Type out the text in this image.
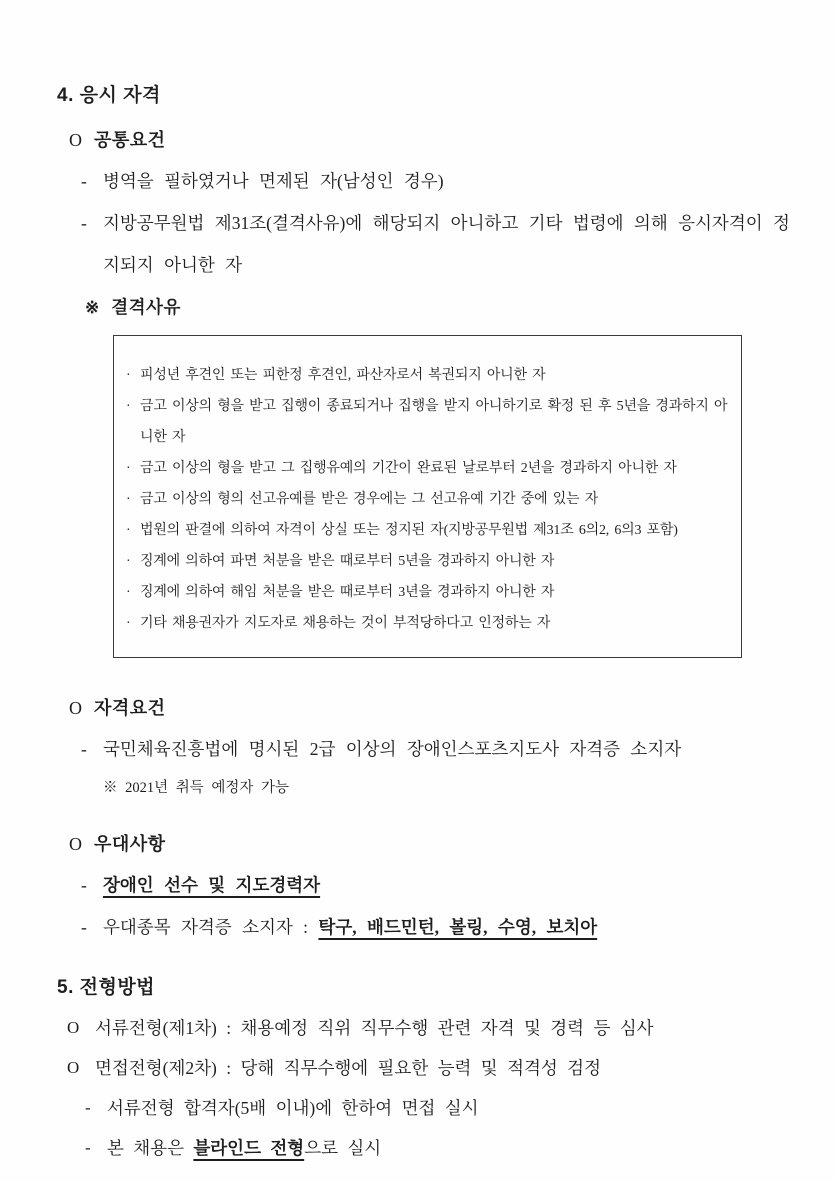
4. 응시 자격
O 공통요건
- 병역을 필하였거나 면제된 자(남성인 경우)
- 지방공무원법 제31조(결격사유)에 해당되지 아니하고 기타 법령에 의해 응시자격이 정지되지 아니한 자
※ 결격사유
· 피성년 후견인 또는 피한정 후견인, 파산자로서 복권되지 아니한 자
· 금고 이상의 형을 받고 집행이 종료되거나 집행을 받지 아니하기로 확정 된 후 5년을 경과하지 아니한 자
· 금고 이상의 형을 받고 그 집행유예의 기간이 완료된 날로부터 2년을 경과하지 아니한 자
· 금고 이상의 형의 선고유예를 받은 경우에는 그 선고유예 기간 중에 있는 자
· 법원의 판결에 의하여 자격이 상실 또는 정지된 자(지방공무원법 제31조 6의2, 6의3 포함)
· 징계에 의하여 파면 처분을 받은 때로부터 5년을 경과하지 아니한 자
· 징계에 의하여 해임 처분을 받은 때로부터 3년을 경과하지 아니한 자
· 기타 채용권자가 지도자로 채용하는 것이 부적당하다고 인정하는 자
O 자격요건
- 국민체육진흥법에 명시된 2급 이상의 장애인스포츠지도사 자격증 소지자
※ 2021년 취득 예정자 가능
O 우대사항
- 장애인 선수 및 지도경력자
- 우대종목 자격증 소지자 : 탁구, 배드민턴, 볼링, 수영, 보치아
5. 전형방법
O 서류전형(제1차) : 채용예정 직위 직무수행 관련 자격 및 경력 등 심사
O 면접전형(제2차) : 당해 직무수행에 필요한 능력 및 적격성 검정
- 서류전형 합격자(5배 이내)에 한하여 면접 실시
- 본 채용은 블라인드 전형으로 실시
